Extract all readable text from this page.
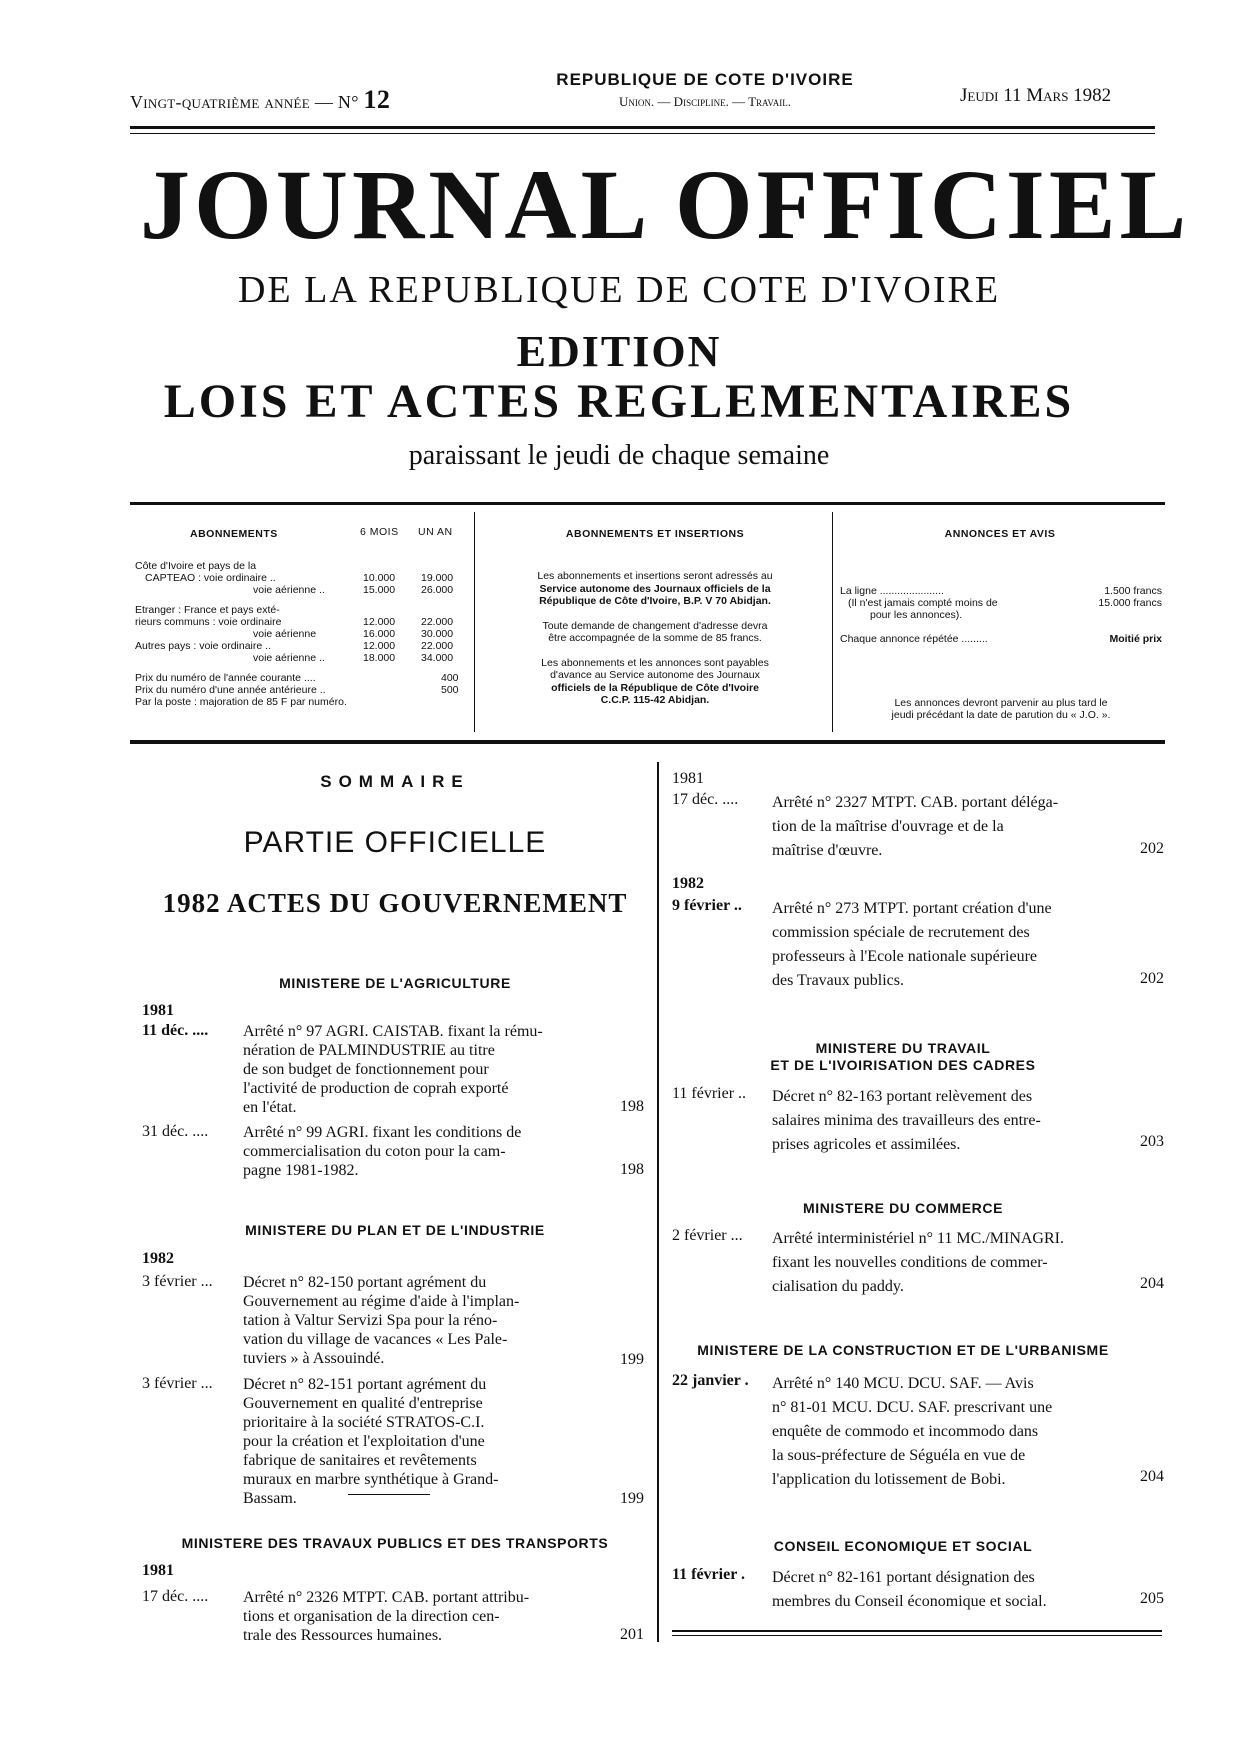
Vingt-quatrième année — N° 12
REPUBLIQUE DE COTE D'IVOIRE
Union. — Discipline. — Travail.	Jeudi 11 Mars 1982
JOURNAL OFFICIEL
DE LA REPUBLIQUE DE COTE D'IVOIRE
EDITION
LOIS ET ACTES REGLEMENTAIRES
paraissant le jeudi de chaque semaine
ABONNEMENTS	6 MOIS UN AN
Côte d'Ivoire et pays de la
CAPTEAO : voie ordinaire ..	10.000 19.000
voie aérienne ..	15.000 26.000
Etranger : France et pays exté-
rieurs communs : voie ordinaire	12.000 22.000
voie aérienne	16.000 30.000
Autres pays : voie ordinaire ..	12.000 22.000
voie aérienne ..	18.000 34.000
Prix du numéro de l'année courante ....	400
Prix du numéro d'une année antérieure ..	500
Par la poste : majoration de 85 F par numéro.
ABONNEMENTS ET INSERTIONS
Les abonnements et insertions seront adressés au
Service autonome des Journaux officiels de la
République de Côte d'Ivoire, B.P. V 70 Abidjan.
Toute demande de changement d'adresse devra
être accompagnée de la somme de 85 francs.
Les abonnements et les annonces sont payables
d'avance au Service autonome des Journaux
officiels de la République de Côte d'Ivoire
C.C.P. 115-42 Abidjan.
ANNONCES ET AVIS
La ligne ......................	1.500 francs
(Il n'est jamais compté moins de	15.000 francs
pour les annonces).
Chaque annonce répétée .........	Moitié prix
Les annonces devront parvenir au plus tard le
jeudi précédant la date de parution du « J.O. ».
SOMMAIRE
PARTIE OFFICIELLE
1982 ACTES DU GOUVERNEMENT
MINISTERE DE L'AGRICULTURE
1981
11 déc. .... Arrêté n° 97 AGRI. CAISTAB. fixant la rému-
nération de PALMINDUSTRIE au titre
de son budget de fonctionnement pour
l'activité de production de coprah exporté
en l'état.	198
31 déc. .... Arrêté n° 99 AGRI. fixant les conditions de
commercialisation du coton pour la cam-
pagne 1981-1982.	198
MINISTERE DU PLAN ET DE L'INDUSTRIE
1982
3 février ... Décret n° 82-150 portant agrément du
Gouvernement au régime d'aide à l'implan-
tation à Valtur Servizi Spa pour la réno-
vation du village de vacances « Les Pale-
tuviers » à Assouindé.	199
3 février ... Décret n° 82-151 portant agrément du
Gouvernement en qualité d'entreprise
prioritaire à la société STRATOS-C.I.
pour la création et l'exploitation d'une
fabrique de sanitaires et revêtements
muraux en marbre synthétique à Grand-
Bassam.	199
MINISTERE DES TRAVAUX PUBLICS ET DES TRANSPORTS
1981
17 déc. .... Arrêté n° 2326 MTPT. CAB. portant attribu-
tions et organisation de la direction cen-
trale des Ressources humaines.	201
1981
17 déc. .... Arrêté n° 2327 MTPT. CAB. portant déléga-
tion de la maîtrise d'ouvrage et de la
maîtrise d'œuvre.	202
1982
9 février .. Arrêté n° 273 MTPT. portant création d'une
commission spéciale de recrutement des
professeurs à l'Ecole nationale supérieure
des Travaux publics.	202
MINISTERE DU TRAVAIL
ET DE L'IVOIRISATION DES CADRES
11 février .. Décret n° 82-163 portant relèvement des
salaires minima des travailleurs des entre-
prises agricoles et assimilées.	203
MINISTERE DU COMMERCE
2 février ... Arrêté interministériel n° 11 MC./MINAGRI.
fixant les nouvelles conditions de commer-
cialisation du paddy.	204
MINISTERE DE LA CONSTRUCTION ET DE L'URBANISME
22 janvier . Arrêté n° 140 MCU. DCU. SAF. — Avis
n° 81-01 MCU. DCU. SAF. prescrivant une
enquête de commodo et incommodo dans
la sous-préfecture de Séguéla en vue de
l'application du lotissement de Bobi.	204
CONSEIL ECONOMIQUE ET SOCIAL
11 février . Décret n° 82-161 portant désignation des
membres du Conseil économique et social.	205
